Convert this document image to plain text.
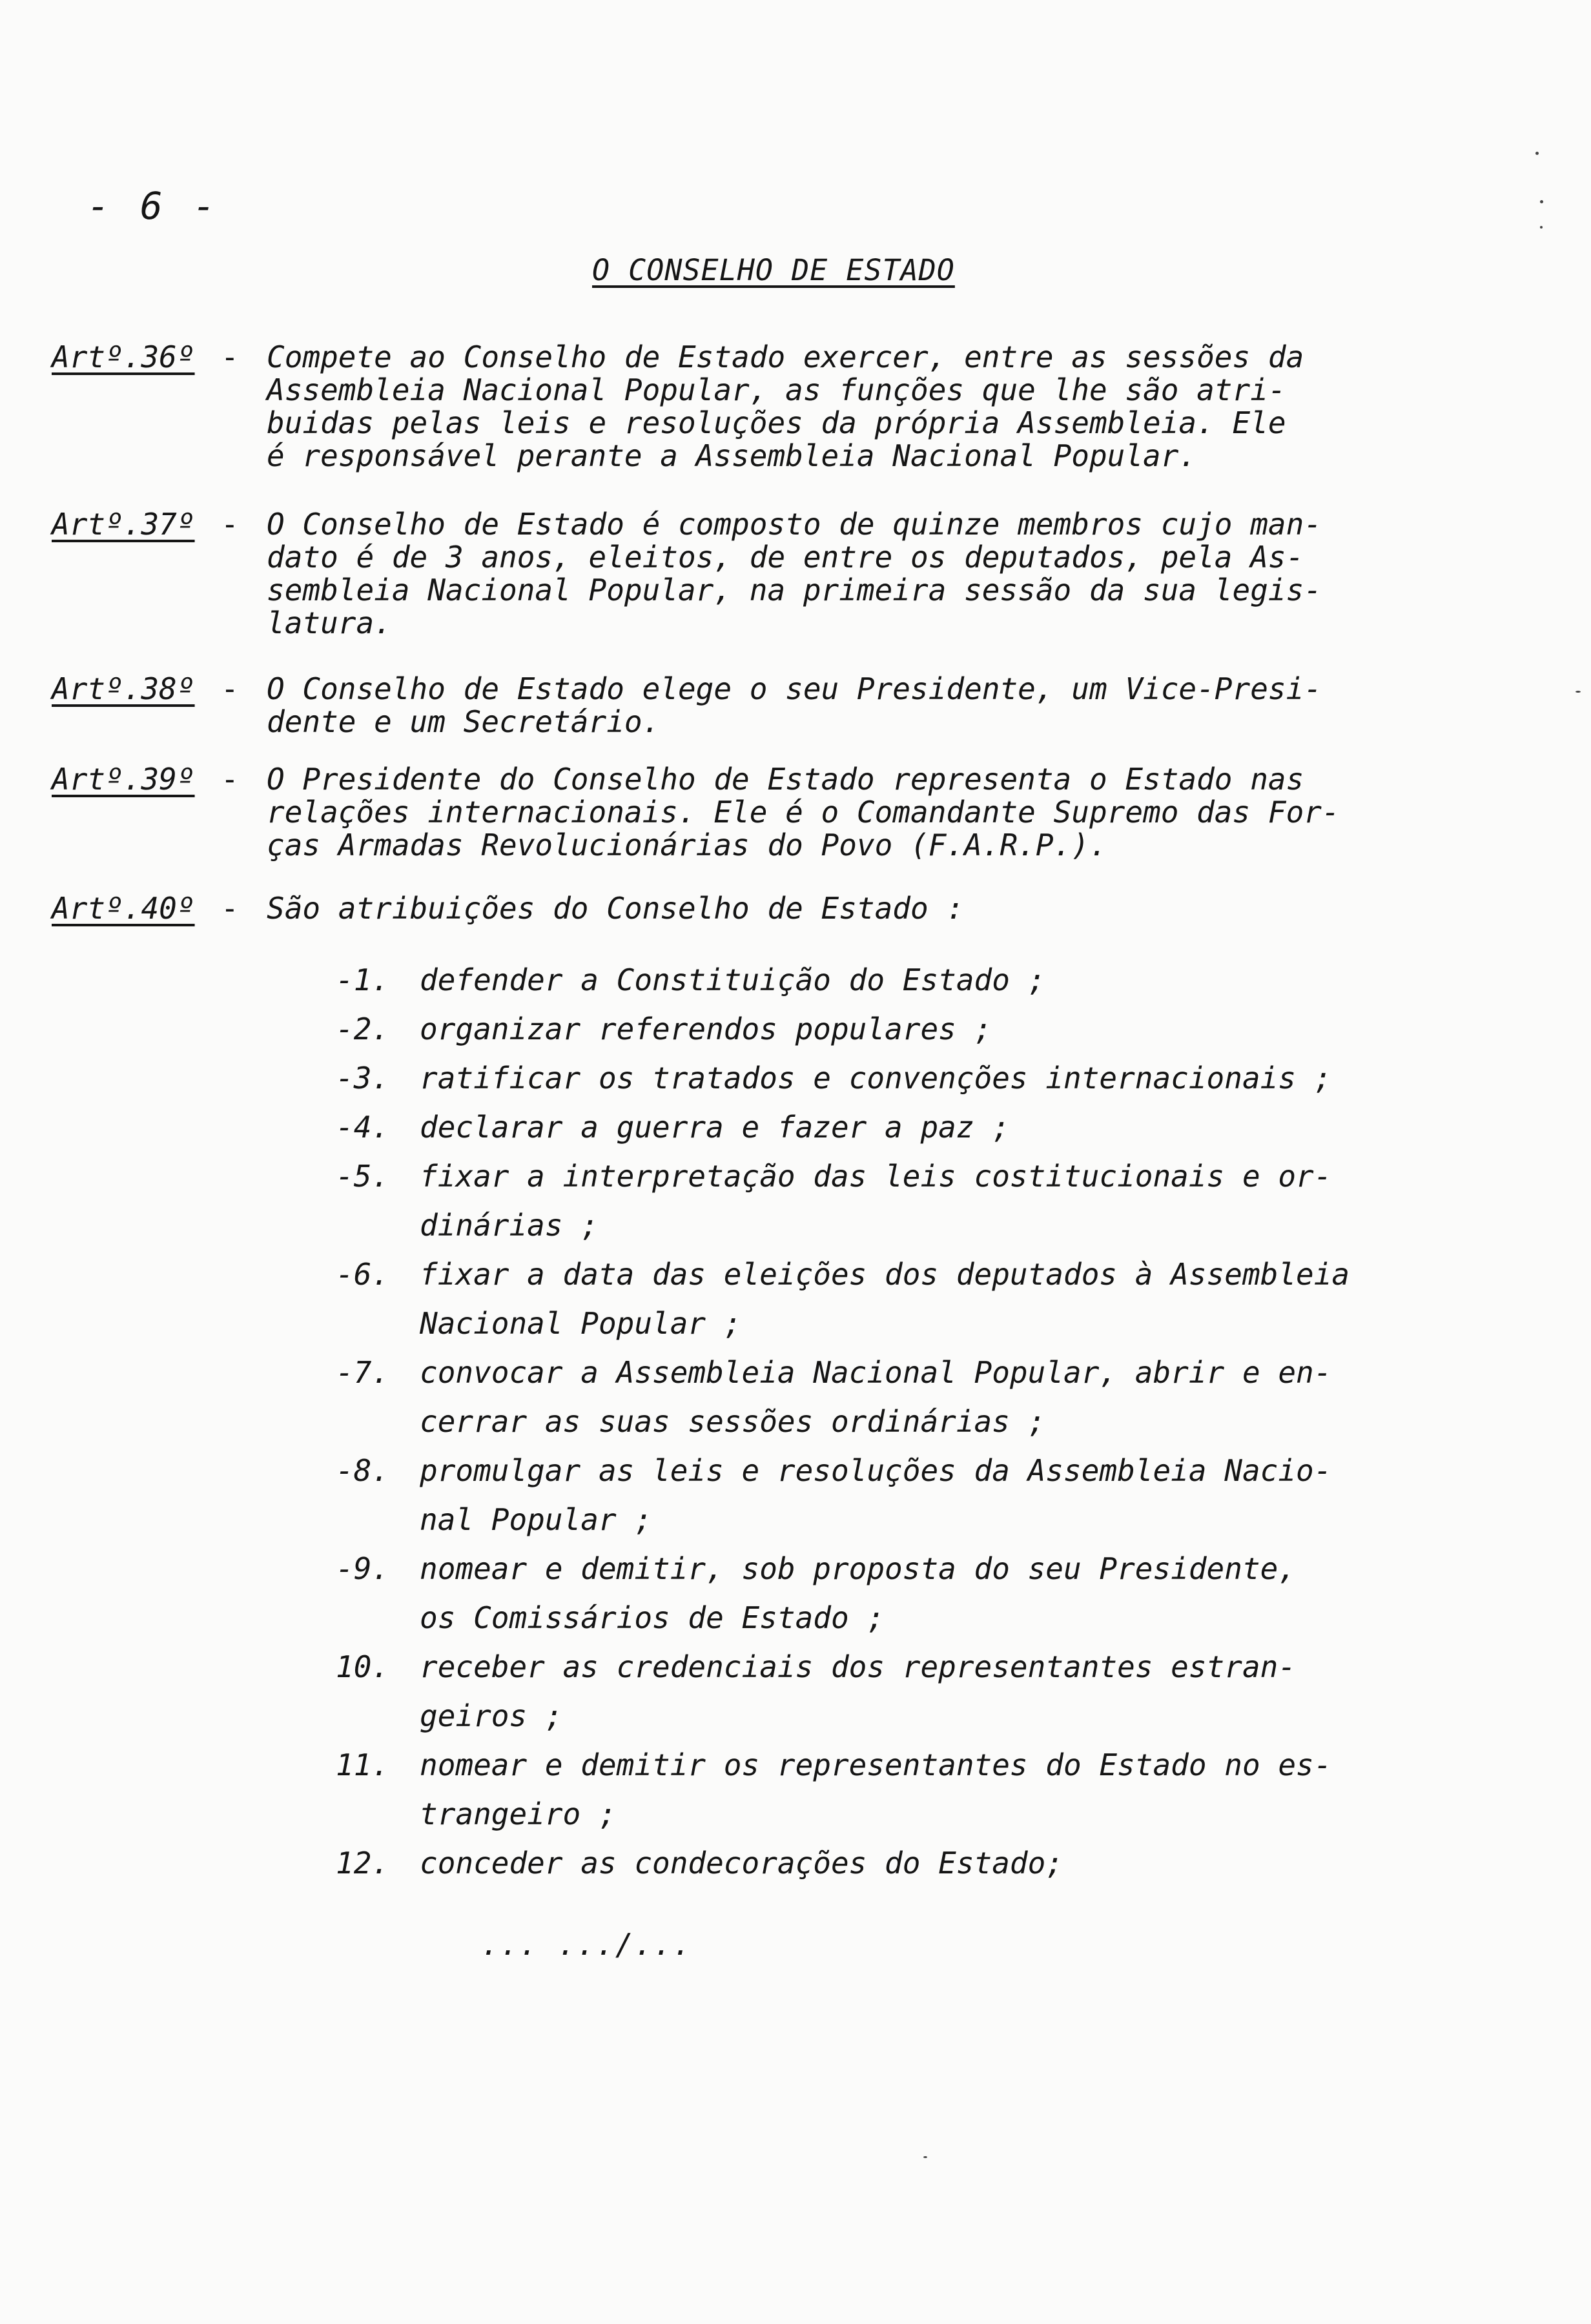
- 6 -
O CONSELHO DE ESTADO
Artº.36º - Compete ao Conselho de Estado exercer, entre as sessões da
Assembleia Nacional Popular, as funções que lhe são atri-
buidas pelas leis e resoluções da própria Assembleia. Ele
é responsável perante a Assembleia Nacional Popular.
Artº.37º - O Conselho de Estado é composto de quinze membros cujo man-
dato é de 3 anos, eleitos, de entre os deputados, pela As-
sembleia Nacional Popular, na primeira sessão da sua legis-
latura.
Artº.38º - O Conselho de Estado elege o seu Presidente, um Vice-Presi-
dente e um Secretário.
Artº.39º - O Presidente do Conselho de Estado representa o Estado nas
relações internacionais. Ele é o Comandante Supremo das For-
ças Armadas Revolucionárias do Povo (F.A.R.P.).
Artº.40º - São atribuições do Conselho de Estado :
-1.	defender a Constituição do Estado ;
-2.	organizar referendos populares ;
-3.	ratificar os tratados e convenções internacionais ;
-4.	declarar a guerra e fazer a paz ;
-5.	fixar a interpretação das leis costitucionais e or-
dinárias ;
-6.	fixar a data das eleições dos deputados à Assembleia
Nacional Popular ;
-7.	convocar a Assembleia Nacional Popular, abrir e en-
cerrar as suas sessões ordinárias ;
-8.	promulgar as leis e resoluções da Assembleia Nacio-
nal Popular ;
-9.	nomear e demitir, sob proposta do seu Presidente,
os Comissários de Estado ;
10.	receber as credenciais dos representantes estran-
geiros ;
11.	nomear e demitir os representantes do Estado no es-
trangeiro ;
12.	conceder as condecorações do Estado;
... .../...
